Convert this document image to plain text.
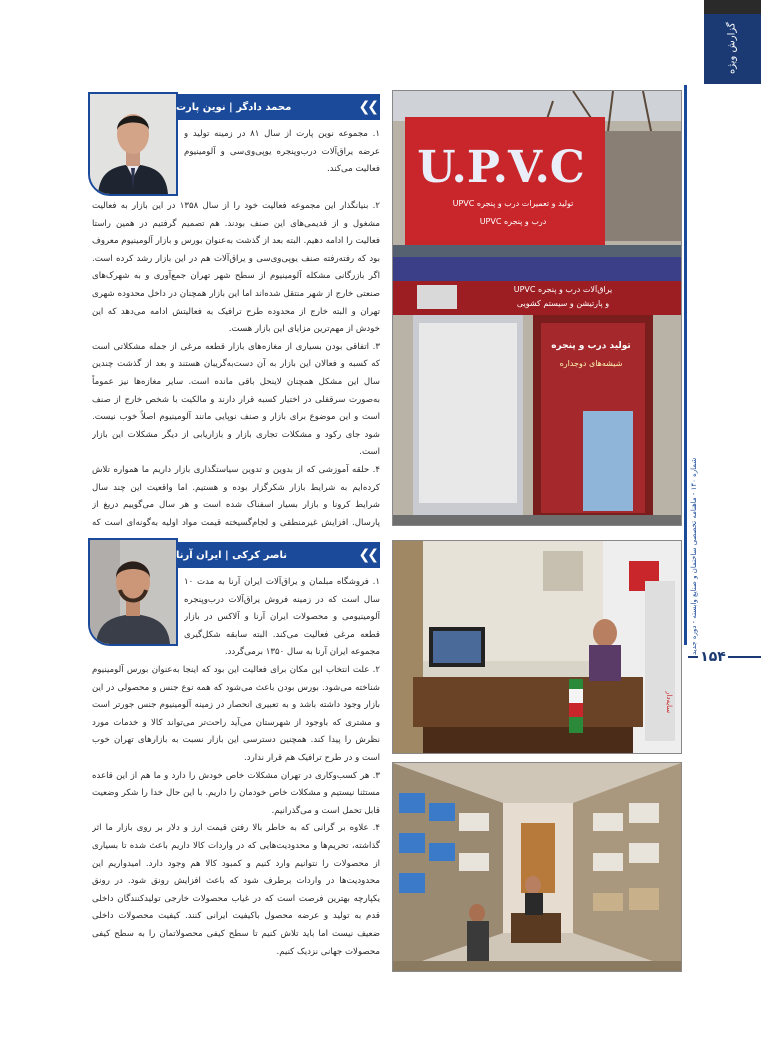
گزارش ویژه
شماره ۱۴۰ - ماهنامه تخصصی ساختمان و صنایع وابسته - دوره جدید
۱۵۴
❯❯
محمد دادگر | نوین پارت

۱. مجموعه نوین پارت از سال ۸۱ در زمینه تولید و عرضه یراق‌آلات درب‌وپنجره یوپی‌وی‌سی و آلومینیوم فعالیت می‌کند.

۲. بنیانگذار این مجموعه فعالیت خود را از سال ۱۳۵۸ در این بازار به فعالیت مشغول و از قدیمی‌های این صنف بودند. هم تصمیم گرفتیم در همین راستا فعالیت را ادامه دهیم. البته بعد از گذشت به‌عنوان بورس و بازار آلومینیوم معروف بود که رفته‌رفته صنف یوپی‌وی‌سی و یراق‌آلات هم در این بازار رشد کرده است. اگر بازرگانی مشکله آلومینیوم از سطح شهر تهران جمع‌آوری و به شهرک‌های صنعتی خارج از شهر منتقل شده‌اند اما این بازار همچنان در داخل محدوده شهری تهران و البته خارج از محدوده طرح ترافیک به فعالیتش ادامه می‌دهد که این خودش از مهم‌ترین مزایای این بازار هست.

۳. اتفاقی بودن بسیاری از مغازه‌های بازار قطعه مرغی از جمله مشکلاتی است که کسبه و فعالان این بازار به آن دست‌به‌گریبان هستند و بعد از گذشت چندین سال این مشکل همچنان لاینحل باقی مانده است. سایر مغازه‌ها نیز عموماً به‌صورت سرقفلی در اختیار کسبه قرار دارند و مالکیت با شخص خارج از صنف است و این موضوع برای بازار و صنف نوپایی مانند آلومینیوم اصلاً خوب نیست. شود جای رکود و مشکلات تجاری بازار و بازاریابی از دیگر مشکلات این بازار است.

۴. حلقه آموزشی که از بدوین و تدوین سیاستگذاری بازار داریم ما همواره تلاش کرده‌ایم به شرایط بازار شکرگزار بوده و هستیم. اما واقعیت این چند سال شرایط کرونا و بازار بسیار اسفناک شده است و هر سال می‌گوییم دریغ از پارسال. افزایش غیرمنطقی و لجام‌گسیخته قیمت مواد اولیه به‌گونه‌ای است که

U.P.V.C
تولید و تعمیرات درب و پنجره UPVC
درب و پنجره UPVC
یراق‌آلات درب و پنجره UPVC
و پارتیشن و سیستم کشویی
تولید درب و پنجره
شیشه‌های دوجداره
❯❯
ناصر کرکی | ایران آرنا

۱. فروشگاه مبلمان و یراق‌آلات ایران آرنا به مدت ۱۰ سال است که در زمینه فروش یراق‌آلات درب‌وپنجره آلومینیومی و محصولات ایران آرنا و آلاکس در بازار قطعه مرغی فعالیت می‌کند. البته سابقه شکل‌گیری مجموعه ایران آرنا به سال ۱۳۵۰ برمی‌گردد.

۲. علت انتخاب این مکان برای فعالیت این بود که اینجا به‌عنوان بورس آلومینیوم شناخته می‌شود. بورس بودن باعث می‌شود که همه نوع جنس و محصولی در این بازار وجود داشته باشد و به تعبیری انحصار در زمینه آلومینیوم جنس جورتر است و مشتری که باوجود از شهرستان می‌آید راحت‌تر می‌تواند کالا و خدمات مورد نظرش را پیدا کند. همچنین دسترسی این بازار نسبت به بازارهای تهران خوب است و در طرح ترافیک هم قرار ندارد.

۳. هر کسب‌وکاری در تهران مشکلات خاص خودش را دارد و ما هم از این قاعده مستثنا نیستیم و مشکلات خاص خودمان را داریم. با این حال خدا را شکر وضعیت قابل تحمل است و می‌گذرانیم.

۴. علاوه بر گرانی که به خاطر بالا رفتن قیمت ارز و دلار بر روی بازار ما اثر گذاشته، تحریم‌ها و محدودیت‌هایی که در واردات کالا داریم باعث شده تا بسیاری از محصولات را نتوانیم وارد کنیم و کمبود کالا هم وجود دارد. امیدواریم این محدودیت‌ها در واردات برطرف شود که باعث افزایش رونق شود. در رونق یکپارچه بهترین فرصت است که در غیاب محصولات خارجی تولیدکنندگان داخلی قدم به تولید و عرضه محصول باکیفیت ایرانی کنند. کیفیت محصولات داخلی ضعیف نیست اما باید تلاش کنیم تا سطح کیفی محصولاتمان را به سطح کیفی محصولات جهانی نزدیک کنیم.

سایه‌دار
